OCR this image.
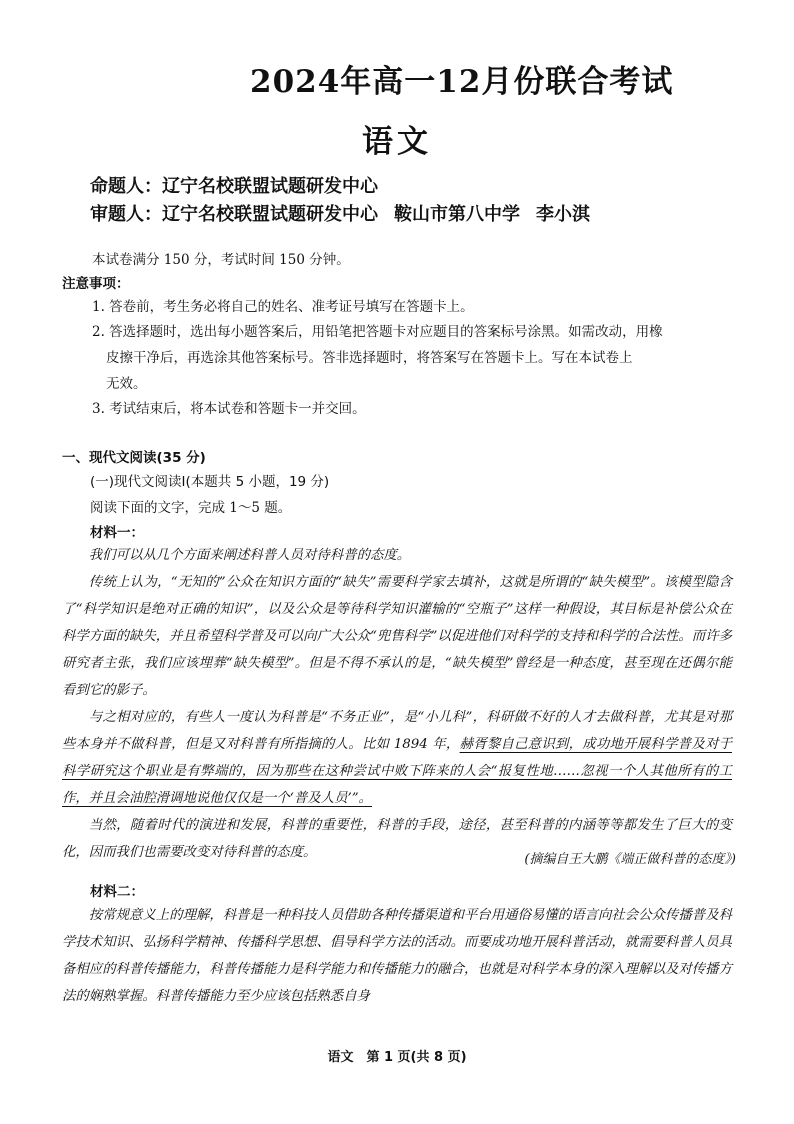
2024年高一12月份联合考试
语文
命题人：辽宁名校联盟试题研发中心
审题人：辽宁名校联盟试题研发中心 鞍山市第八中学 李小淇
本试卷满分 150 分，考试时间 150 分钟。
注意事项：
1. 答卷前，考生务必将自己的姓名、准考证号填写在答题卡上。
2. 答选择题时，选出每小题答案后，用铅笔把答题卡对应题目的答案标号涂黑。如需改动，用橡
皮擦干净后，再选涂其他答案标号。答非选择题时，将答案写在答题卡上。写在本试卷上
无效。
3. 考试结束后，将本试卷和答题卡一并交回。
一、现代文阅读(35 分)
(一)现代文阅读Ⅰ(本题共 5 小题，19 分)
阅读下面的文字，完成 1～5 题。
材料一：

我们可以从几个方面来阐述科普人员对待科普的态度。

传统上认为，“无知的”公众在知识方面的“缺失”需要科学家去填补，这就是所谓的“缺失模型”。该模型隐含了“科学知识是绝对正确的知识”，以及公众是等待科学知识灌输的“空瓶子”这样一种假设，其目标是补偿公众在科学方面的缺失，并且希望科学普及可以向广大公众“兜售科学”以促进他们对科学的支持和科学的合法性。而许多研究者主张，我们应该埋葬“缺失模型”。但是不得不承认的是，“缺失模型”曾经是一种态度，甚至现在还偶尔能看到它的影子。

与之相对应的，有些人一度认为科普是“不务正业”，是“小儿科”，科研做不好的人才去做科普，尤其是对那些本身并不做科普，但是又对科普有所指摘的人。比如 1894 年，赫胥黎自己意识到，成功地开展科学普及对于科学研究这个职业是有弊端的，因为那些在这种尝试中败下阵来的人会“报复性地……忽视一个人其他所有的工作，并且会油腔滑调地说他仅仅是一个‘普及人员’”。

当然，随着时代的演进和发展，科普的重要性，科普的手段，途径，甚至科普的内涵等等都发生了巨大的变化，因而我们也需要改变对待科普的态度。	(摘编自王大鹏《端正做科普的态度》)
材料二：

按常规意义上的理解，科普是一种科技人员借助各种传播渠道和平台用通俗易懂的语言向社会公众传播普及科学技术知识、弘扬科学精神、传播科学思想、倡导科学方法的活动。而要成功地开展科普活动，就需要科普人员具备相应的科普传播能力，科普传播能力是科学能力和传播能力的融合，也就是对科学本身的深入理解以及对传播方法的娴熟掌握。科普传播能力至少应该包括熟悉自身

语文　第 1 页(共 8 页)
